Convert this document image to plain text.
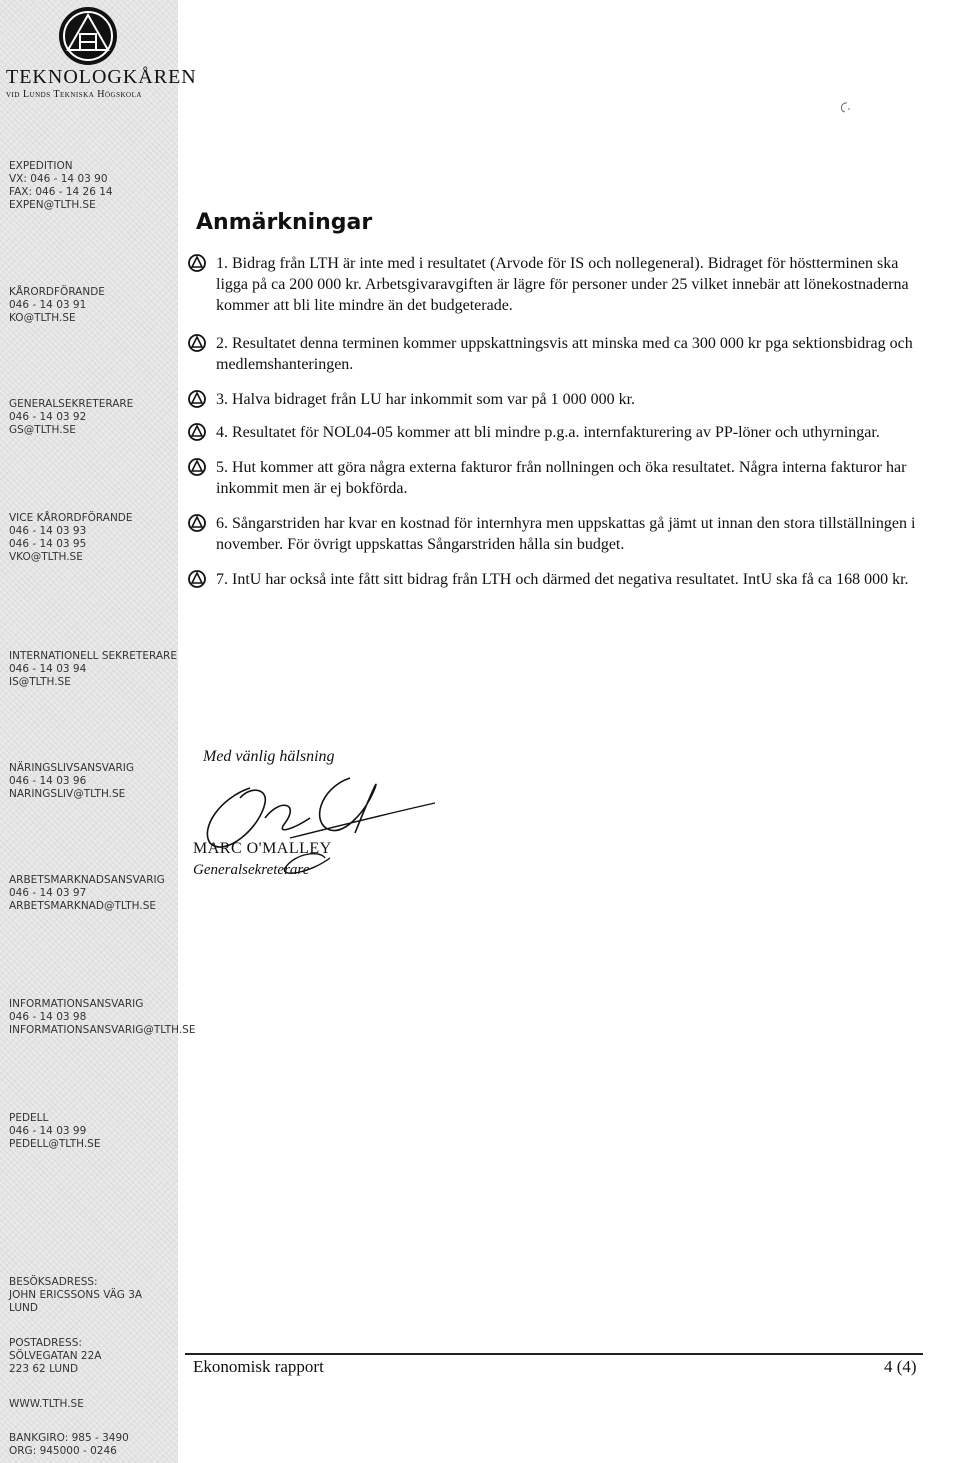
TEKNOLOGKÅREN
vid Lunds Tekniska Högskola
EXPEDITION
VX: 046 - 14 03 90
FAX: 046 - 14 26 14
EXPEN@TLTH.SE
KÅRORDFÖRANDE
046 - 14 03 91
KO@TLTH.SE
GENERALSEKRETERARE
046 - 14 03 92
GS@TLTH.SE
VICE KÅRORDFÖRANDE
046 - 14 03 93
046 - 14 03 95
VKO@TLTH.SE
INTERNATIONELL SEKRETERARE
046 - 14 03 94
IS@TLTH.SE
NÄRINGSLIVSANSVARIG
046 - 14 03 96
NARINGSLIV@TLTH.SE
ARBETSMARKNADSANSVARIG
046 - 14 03 97
ARBETSMARKNAD@TLTH.SE
INFORMATIONSANSVARIG
046 - 14 03 98
INFORMATIONSANSVARIG@TLTH.SE
PEDELL
046 - 14 03 99
PEDELL@TLTH.SE
BESÖKSADRESS:
JOHN ERICSSONS VÄG 3A
LUND
POSTADRESS:
SÖLVEGATAN 22A
223 62 LUND
WWW.TLTH.SE
BANKGIRO: 985 - 3490
ORG: 945000 - 0246
Anmärkningar
1. Bidrag från LTH är inte med i resultatet (Arvode för IS och nollegeneral). Bidraget för höstterminen ska ligga på ca 200 000 kr. Arbetsgivaravgiften är lägre för personer under 25 vilket innebär att lönekostnaderna kommer att bli lite mindre än det budgeterade.
2. Resultatet denna terminen kommer uppskattningsvis att minska med ca 300 000 kr pga sektionsbidrag och medlemshanteringen.
3. Halva bidraget från LU har inkommit som var på 1 000 000 kr.
4. Resultatet för NOL04-05 kommer att bli mindre p.g.a. internfakturering av PP-löner och uthyrningar.
5. Hut kommer att göra några externa fakturor från nollningen och öka resultatet. Några interna fakturor har inkommit men är ej bokförda.
6. Sångarstriden har kvar en kostnad för internhyra men uppskattas gå jämt ut innan den stora tillställningen i november. För övrigt uppskattas Sångarstriden hålla sin budget.
7. IntU har också inte fått sitt bidrag från LTH och därmed det negativa resultatet. IntU ska få ca 168 000 kr.
Med vänlig hälsning
MARC O'MALLEY
Generalsekreterare
Ekonomisk rapport	4 (4)
